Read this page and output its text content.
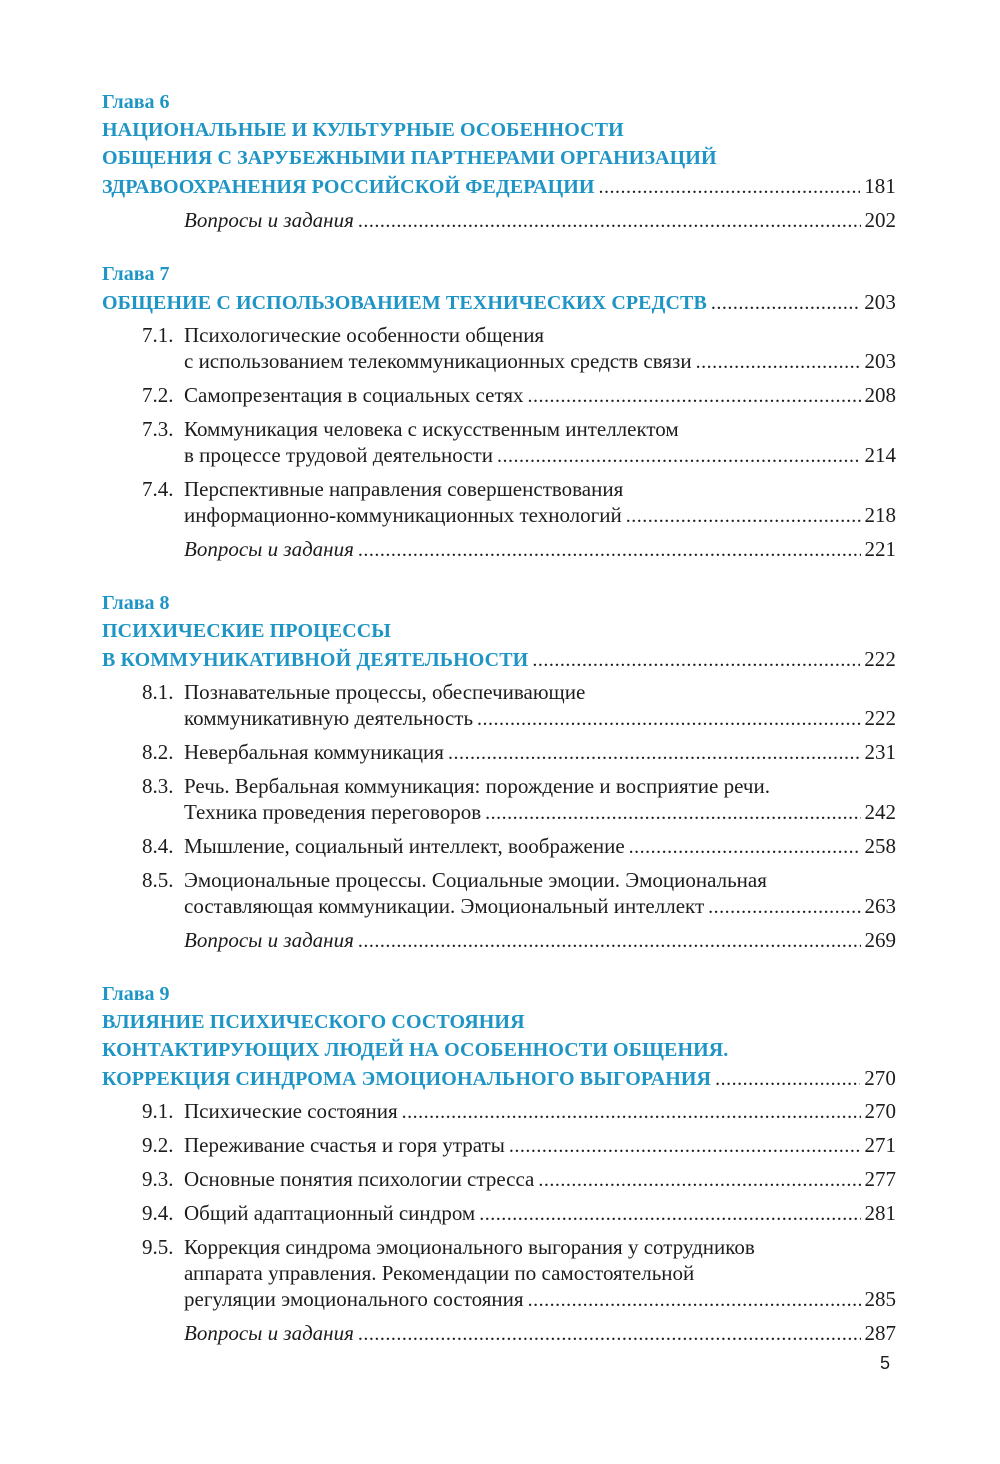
Глава 6
НАЦИОНАЛЬНЫЕ И КУЛЬТУРНЫЕ ОСОБЕННОСТИ
ОБЩЕНИЯ С ЗАРУБЕЖНЫМИ ПАРТНЕРАМИ ОРГАНИЗАЦИЙ
ЗДРАВООХРАНЕНИЯ РОССИЙСКОЙ ФЕДЕРАЦИИ .....	181
Вопросы и задания .....	202
Глава 7
ОБЩЕНИЕ С ИСПОЛЬЗОВАНИЕМ ТЕХНИЧЕСКИХ СРЕДСТВ .....	203
7.1. Психологические особенности общения
с использованием телекоммуникационных средств связи .....	203
7.2. Самопрезентация в социальных сетях .....	208
7.3. Коммуникация человека с искусственным интеллектом
в процессе трудовой деятельности .....	214
7.4. Перспективные направления совершенствования
информационно-коммуникационных технологий .....	218
Вопросы и задания .....	221
Глава 8
ПСИХИЧЕСКИЕ ПРОЦЕССЫ
В КОММУНИКАТИВНОЙ ДЕЯТЕЛЬНОСТИ .....	222
8.1. Познавательные процессы, обеспечивающие
коммуникативную деятельность .....	222
8.2. Невербальная коммуникация .....	231
8.3. Речь. Вербальная коммуникация: порождение и восприятие речи.
Техника проведения переговоров .....	242
8.4. Мышление, социальный интеллект, воображение .....	258
8.5. Эмоциональные процессы. Социальные эмоции. Эмоциональная
составляющая коммуникации. Эмоциональный интеллект .....	263
Вопросы и задания .....	269
Глава 9
ВЛИЯНИЕ ПСИХИЧЕСКОГО СОСТОЯНИЯ
КОНТАКТИРУЮЩИХ ЛЮДЕЙ НА ОСОБЕННОСТИ ОБЩЕНИЯ.
КОРРЕКЦИЯ СИНДРОМА ЭМОЦИОНАЛЬНОГО ВЫГОРАНИЯ .....	270
9.1. Психические состояния .....	270
9.2. Переживание счастья и горя утраты .....	271
9.3. Основные понятия психологии стресса .....	277
9.4. Общий адаптационный синдром .....	281
9.5. Коррекция синдрома эмоционального выгорания у сотрудников
аппарата управления. Рекомендации по самостоятельной
регуляции эмоционального состояния .....	285
Вопросы и задания .....	287
5
